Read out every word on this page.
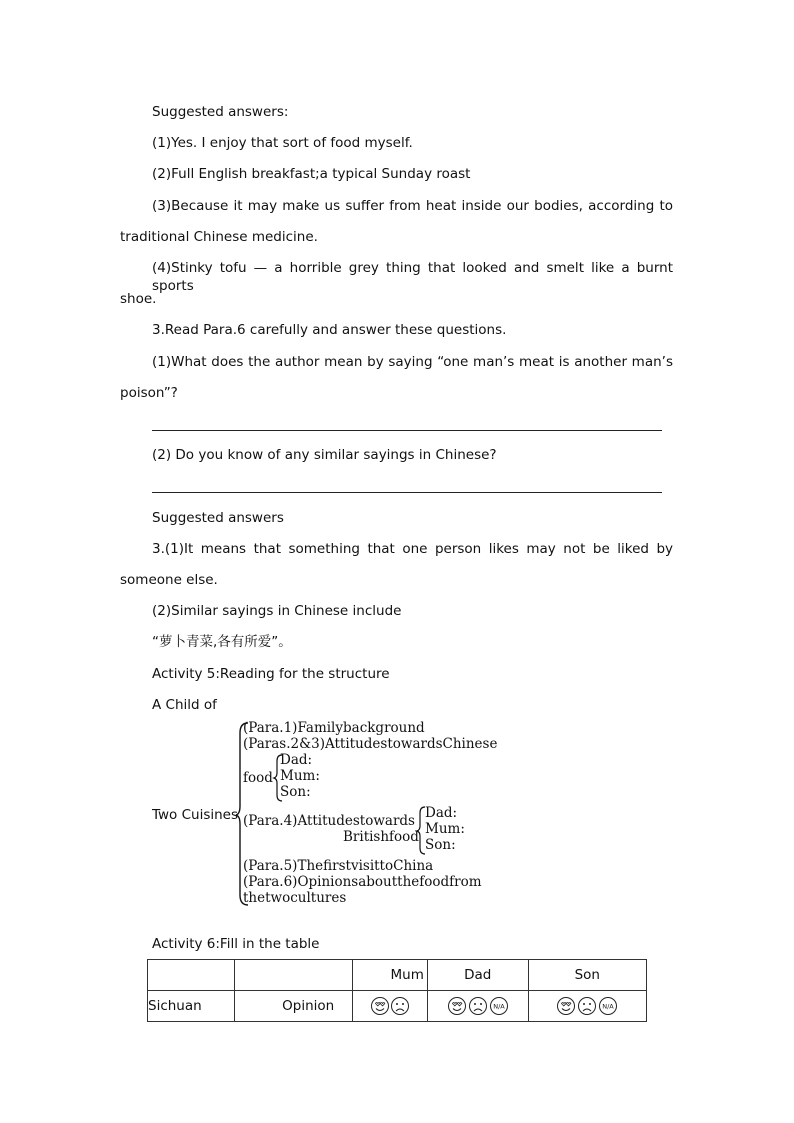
Suggested answers:
(1)Yes. I enjoy that sort of food myself.
(2)Full English breakfast;a typical Sunday roast
(3)Because it may make us suffer from heat inside our bodies, according to
traditional Chinese medicine.
(4)Stinky tofu — a horrible grey thing that looked and smelt like a burnt sports
shoe.
3.Read Para.6 carefully and answer these questions.
(1)What does the author mean by saying “one man’s meat is another man’s
poison”?
(2) Do you know of any similar sayings in Chinese?
Suggested answers
3.(1)It means that something that one person likes may not be liked by
someone else.
(2)Similar sayings in Chinese include
“萝卜青菜,各有所爱”。
Activity 5:Reading for the structure
A Child of
Two Cuisines
(Para.1)Familybackground
(Paras.2&3)AttitudestowardsChinese
food
Dad:
Mum:
Son:
(Para.4)Attitudestowards
Britishfood
Dad:
Mum:
Son:
(Para.5)ThefirstvisittoChina
(Para.6)Opinionsaboutthefoodfrom
thetwocultures
Activity 6:Fill in the table
		Mum	Dad	Son
Sichuan	Opinion		N/A	N/A
